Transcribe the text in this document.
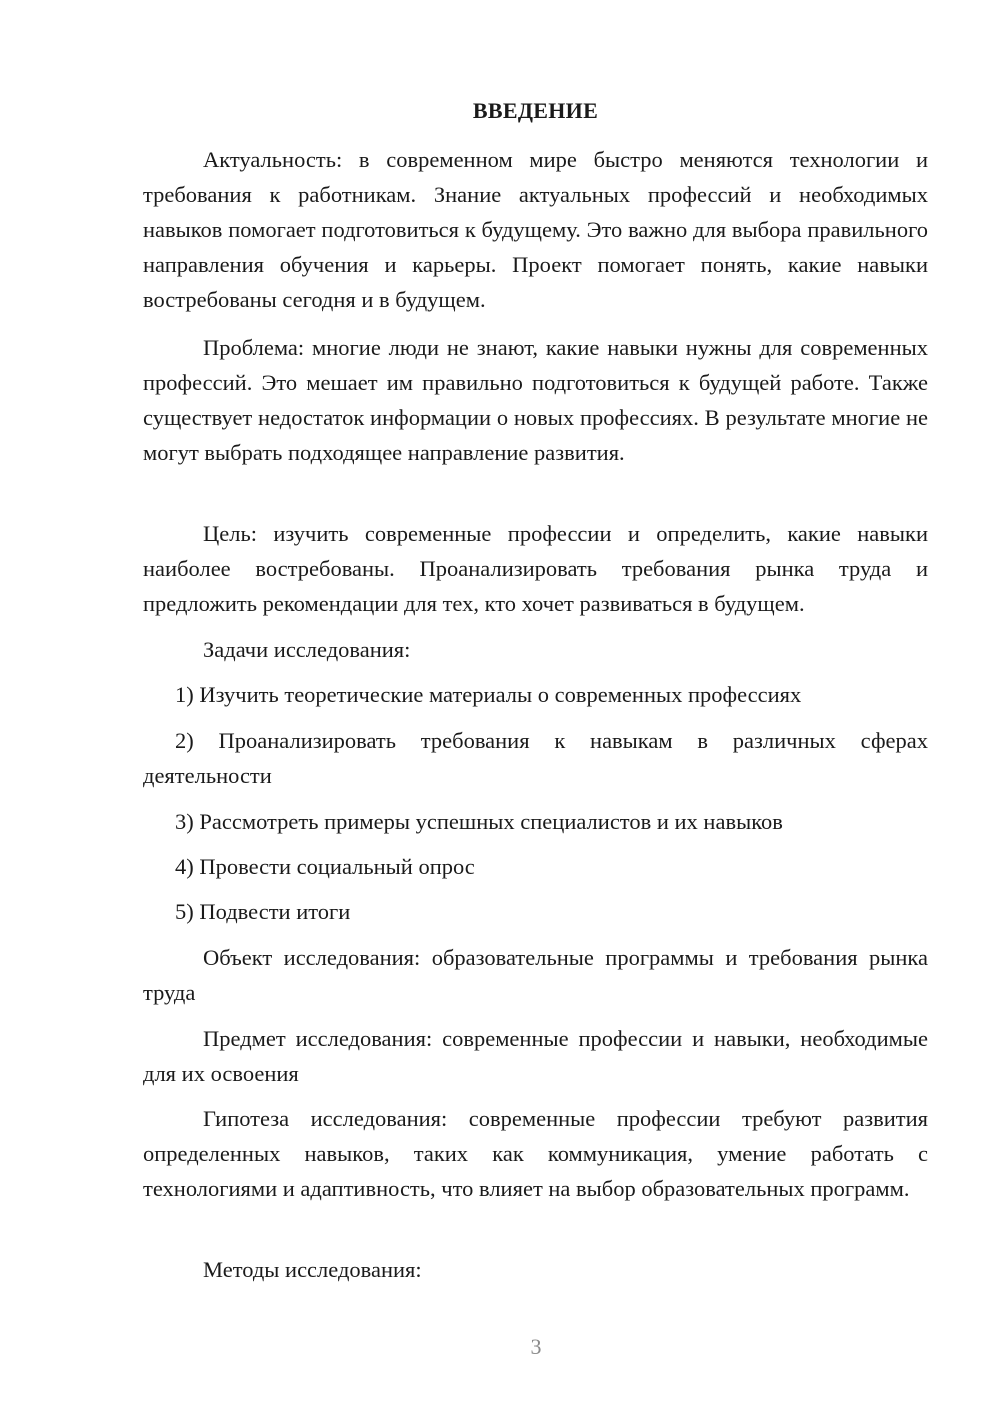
ВВЕДЕНИЕ

Актуальность: в современном мире быстро меняются технологии и требования к работникам. Знание актуальных профессий и необходимых навыков помогает подготовиться к будущему. Это важно для выбора правильного направления обучения и карьеры. Проект помогает понять, какие навыки востребованы сегодня и в будущем.

Проблема: многие люди не знают, какие навыки нужны для современных профессий. Это мешает им правильно подготовиться к будущей работе. Также существует недостаток информации о новых профессиях. В результате многие не могут выбрать подходящее направление развития.

Цель: изучить современные профессии и определить, какие навыки наиболее востребованы. Проанализировать требования рынка труда и предложить рекомендации для тех, кто хочет развиваться в будущем.

Задачи исследования:

1) Изучить теоретические материалы о современных профессиях

2) Проанализировать требования к навыкам в различных сферах деятельности

3) Рассмотреть примеры успешных специалистов и их навыков

4) Провести социальный опрос

5) Подвести итоги

Объект исследования: образовательные программы и требования рынка труда

Предмет исследования: современные профессии и навыки, необходимые для их освоения

Гипотеза исследования: современные профессии требуют развития определенных навыков, таких как коммуникация, умение работать с технологиями и адаптивность, что влияет на выбор образовательных программ.

Методы исследования:

3
